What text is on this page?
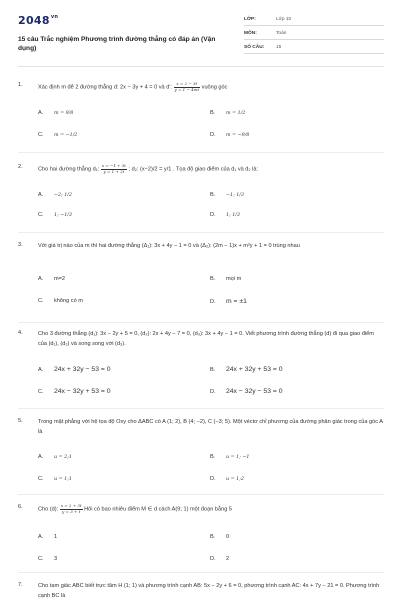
$2048^{vn}$
15 câu Trắc nghiệm Phương trình đường thẳng có đáp án (Vận dụng)
LỚP:	Lớp 10
MÔN:	Toán
SỐ CÂU:	15
1.	Xác định m để 2 đường thẳng d: 2x − 3y + 4 = 0 và d': $\frac{x = 2 - 3t}{y = 1 - 4mt}$ vuông góc
A. m = 9/8	B. m = 1/2
C. m = −1/2	D. m = −9/8
2.	Cho hai đường thẳng d₁: $\frac{x = -1 + 3t}{y = 1 + 2t}$ ; d₂: (x−2)/2 = y/1 . Tọa độ giao điểm của d₁ và d₂ là:
A. −2; 1/2	B. −1; 1/3
C. 1; −1/3	D. 1; 1/3
3.	Với giá trị nào của m thì hai đường thẳng (Δ₁): 3x + 4y − 1 = 0 và (Δ₂): (2m − 1)x + m²y + 1 = 0 trùng nhau
A. m=2	B. mọi m
C. không có m	D. m = ±1
4.	Cho 3 đường thẳng (d₁): 3x − 2y + 5 = 0, (d₂): 2x + 4y − 7 = 0, (d₃): 3x + 4y − 1 = 0. Viết phương trình đường thẳng (d) đi qua giao điểm của (d₁), (d₂) và song song với (d₃).
A. 24x + 32y − 53 = 0	B. 24x + 32y + 53 = 0
C. 24x − 32y + 53 = 0	D. 24x − 32y − 53 = 0
5.	Trong mặt phẳng với hệ tọa độ Oxy cho ΔABC có A (1; 2), B (4; −2), C (−3; 5). Một véctơ chỉ phương của đường phân giác trong của góc A là
A. u = 2;1	B. u = 1; −1
C. u = 1;1	D. u = 1;2
6.	Cho (d): $\frac{x = 2 + 3t}{y = 3 + t}$ Hỏi có bao nhiêu điểm M ∈ d cách A(9; 1) một đoạn bằng 5
A. 1	B. 0
C. 3	D. 2
7.	Cho tam giác ABC biết trực tâm H (1; 1) và phương trình cạnh AB: 5x − 2y + 6 = 0, phương trình cạnh AC: 4x + 7y − 21 = 0. Phương trình cạnh BC là
